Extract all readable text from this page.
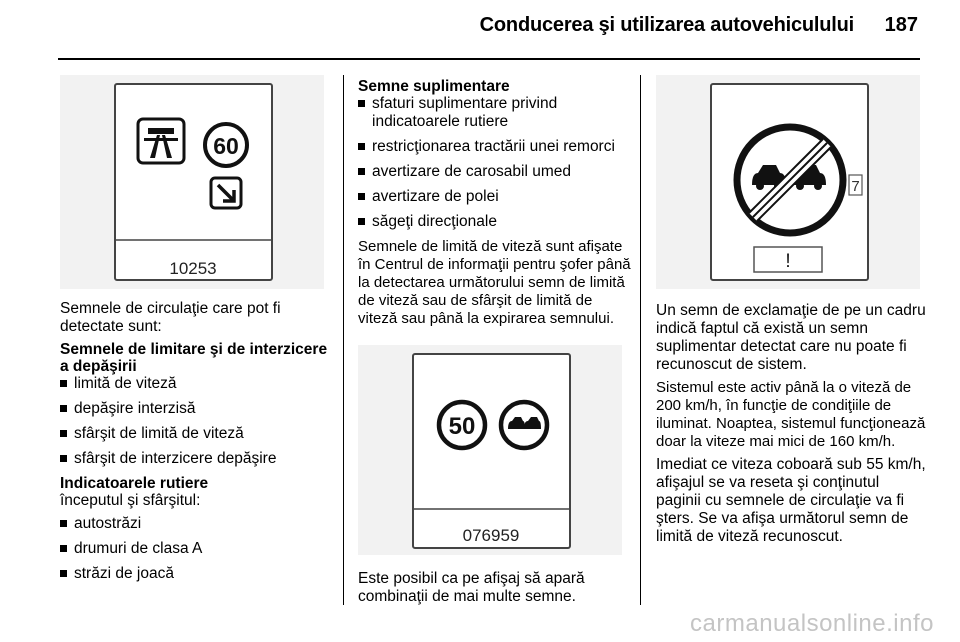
Conducerea şi utilizarea autovehiculului 187
60
10253

Semnele de circulaţie care pot fi detectate sunt:

Semnele de limitare şi de interzicere a depăşirii
limită de viteză
depăşire interzisă
sfârşit de limită de viteză
sfârşit de interzicere depăşire
Indicatoarele rutiere

începutul şi sfârşitul:

autostrăzi
drumuri de clasa A
străzi de joacă
Semne suplimentare
sfaturi suplimentare privind indicatoarele rutiere
restricţionarea tractării unei remorci
avertizare de carosabil umed
avertizare de polei
săgeţi direcţionale

Semnele de limită de viteză sunt afişate în Centrul de informaţii pentru şofer până la detectarea următorului semn de limită de viteză sau de sfârşit de limită de viteză sau până la expirarea semnului.

50
076959

Este posibil ca pe afişaj să apară combinaţii de mai multe semne.

7
!

Un semn de exclamaţie de pe un cadru indică faptul că există un semn suplimentar detectat care nu poate fi recunoscut de sistem.

Sistemul este activ până la o viteză de 200 km/h, în funcţie de condiţiile de iluminat. Noaptea, sistemul funcţionează doar la viteze mai mici de 160 km/h.

Imediat ce viteza coboară sub 55 km/h, afişajul se va reseta şi conţinutul paginii cu semnele de circulaţie va fi şters. Se va afişa următorul semn de limită de viteză recunoscut.

carmanualsonline.info
